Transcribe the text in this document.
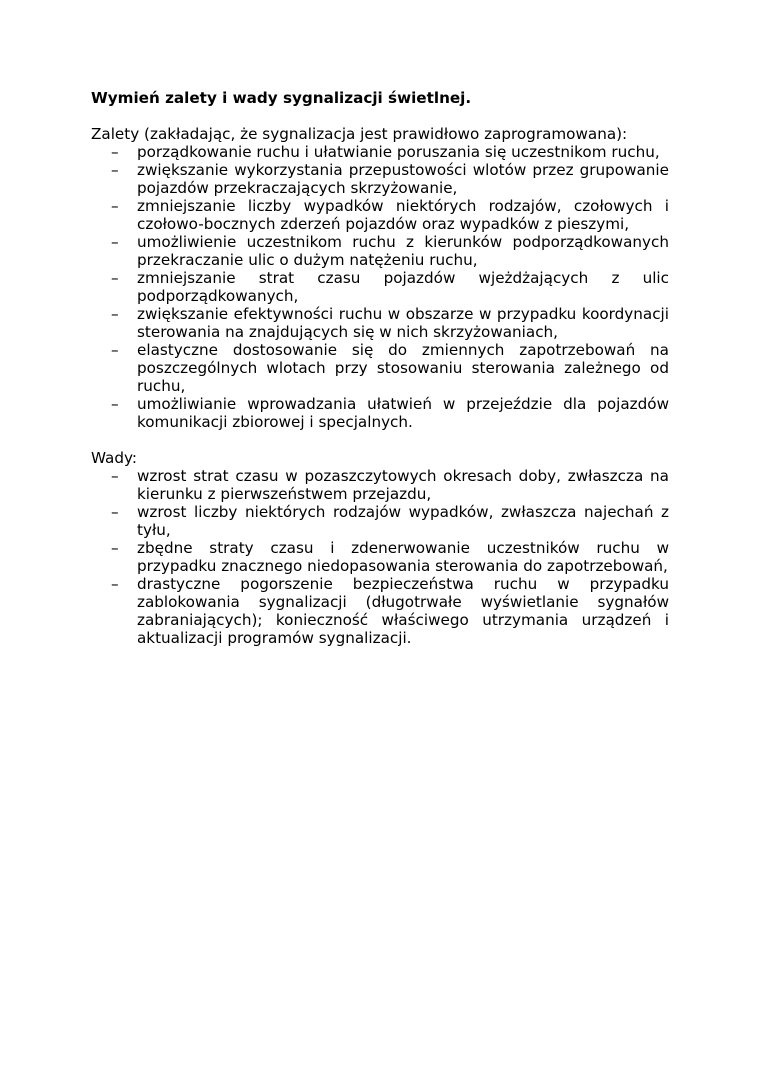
Wymień zalety i wady sygnalizacji świetlnej.

Zalety (zakładając, że sygnalizacja jest prawidłowo zaprogramowana):

– porządkowanie ruchu i ułatwianie poruszania się uczestnikom ruchu,
– zwiększanie wykorzystania przepustowości wlotów przez grupowanie pojazdów przekraczających skrzyżowanie,
– zmniejszanie liczby wypadków niektórych rodzajów, czołowych i czołowo-bocznych zderzeń pojazdów oraz wypadków z pieszymi,
– umożliwienie uczestnikom ruchu z kierunków podporządkowanych przekraczanie ulic o dużym natężeniu ruchu,
– zmniejszanie strat czasu pojazdów wjeżdżających z ulic podporządkowanych,
– zwiększanie efektywności ruchu w obszarze w przypadku koordynacji sterowania na znajdujących się w nich skrzyżowaniach,
– elastyczne dostosowanie się do zmiennych zapotrzebowań na poszczególnych wlotach przy stosowaniu sterowania zależnego od ruchu,
– umożliwianie wprowadzania ułatwień w przejeździe dla pojazdów komunikacji zbiorowej i specjalnych.

Wady:

– wzrost strat czasu w pozaszczytowych okresach doby, zwłaszcza na kierunku z pierwszeństwem przejazdu,
– wzrost liczby niektórych rodzajów wypadków, zwłaszcza najechań z tyłu,
– zbędne straty czasu i zdenerwowanie uczestników ruchu w przypadku znacznego niedopasowania sterowania do zapotrzebowań,
– drastyczne pogorszenie bezpieczeństwa ruchu w przypadku zablokowania sygnalizacji (długotrwałe wyświetlanie sygnałów zabraniających); konieczność właściwego utrzymania urządzeń i aktualizacji programów sygnalizacji.
